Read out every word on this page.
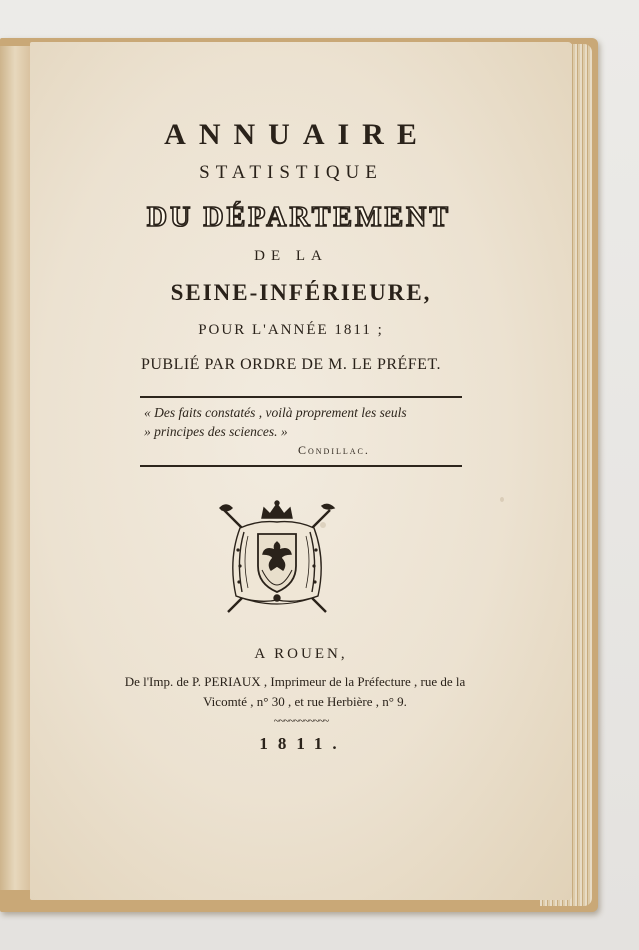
ANNUAIRE
STATISTIQUE
DU DÉPARTEMENT
DE LA
SEINE-INFÉRIEURE,
POUR L'ANNÉE 1811 ;
PUBLIÉ PAR ORDRE DE M. LE PRÉFET.
« Des faits constatés , voilà proprement les seuls
» principes des sciences. »
Condillac.
A ROUEN,
De l'Imp. de P. PERIAUX , Imprimeur de la Préfecture , rue de la
Vicomté , n° 30 , et rue Herbière , n° 9.
~~~~~~~~~~~
1811.
